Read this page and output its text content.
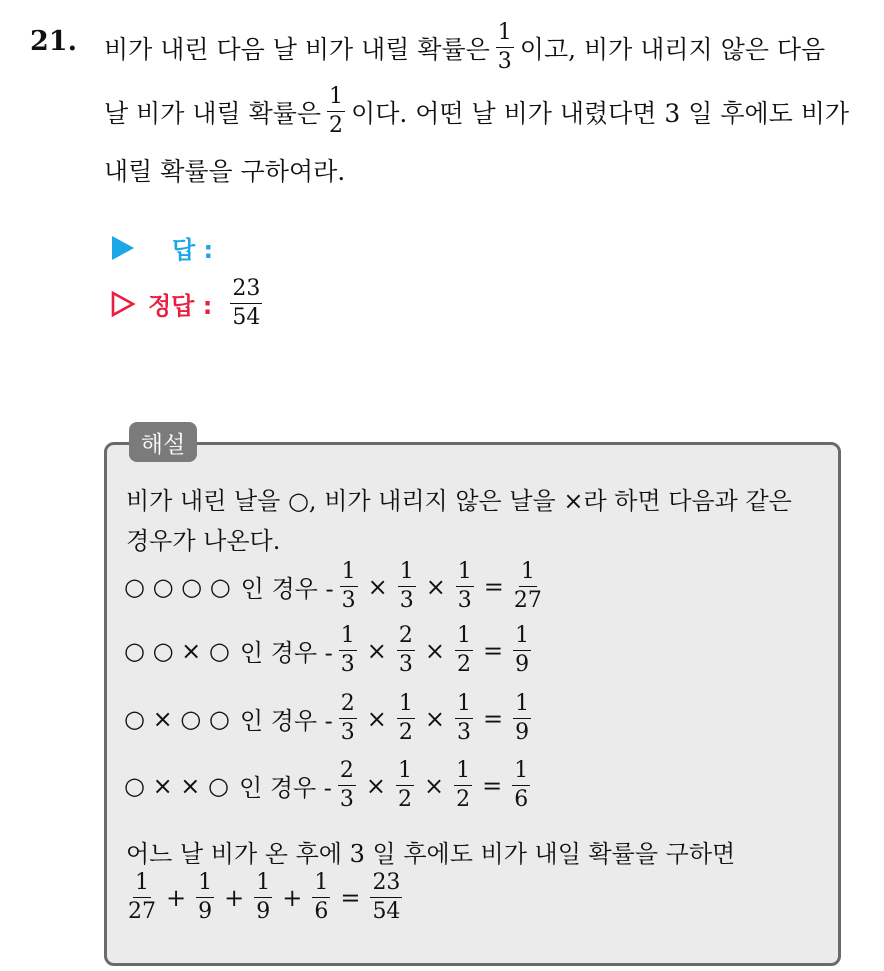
21. 비가 내린 다음 날 비가 내릴 확률은 $\frac{1}{3}$ 이고, 비가 내리지 않은 다음
날 비가 내릴 확률은 $\frac{1}{2}$ 이다. 어떤 날 비가 내렸다면 3 일 후에도 비가
내릴 확률을 구하여라.
답 :
정답 : $\frac{23}{54}$
해설
비가 내린 날을 ○, 비가 내리지 않은 날을 ×라 하면 다음과 같은
경우가 나온다.
○ ○ ○ ○ 인 경우 - $\frac{1}{3} \times \frac{1}{3} \times \frac{1}{3} = \frac{1}{27}$
○ ○ × ○ 인 경우 - $\frac{1}{3} \times \frac{2}{3} \times \frac{1}{2} = \frac{1}{9}$
○ × ○ ○ 인 경우 - $\frac{2}{3} \times \frac{1}{2} \times \frac{1}{3} = \frac{1}{9}$
○ × × ○ 인 경우 - $\frac{2}{3} \times \frac{1}{2} \times \frac{1}{2} = \frac{1}{6}$
어느 날 비가 온 후에 3 일 후에도 비가 내일 확률을 구하면
$\frac{1}{27} + \frac{1}{9} + \frac{1}{9} + \frac{1}{6} = \frac{23}{54}$
